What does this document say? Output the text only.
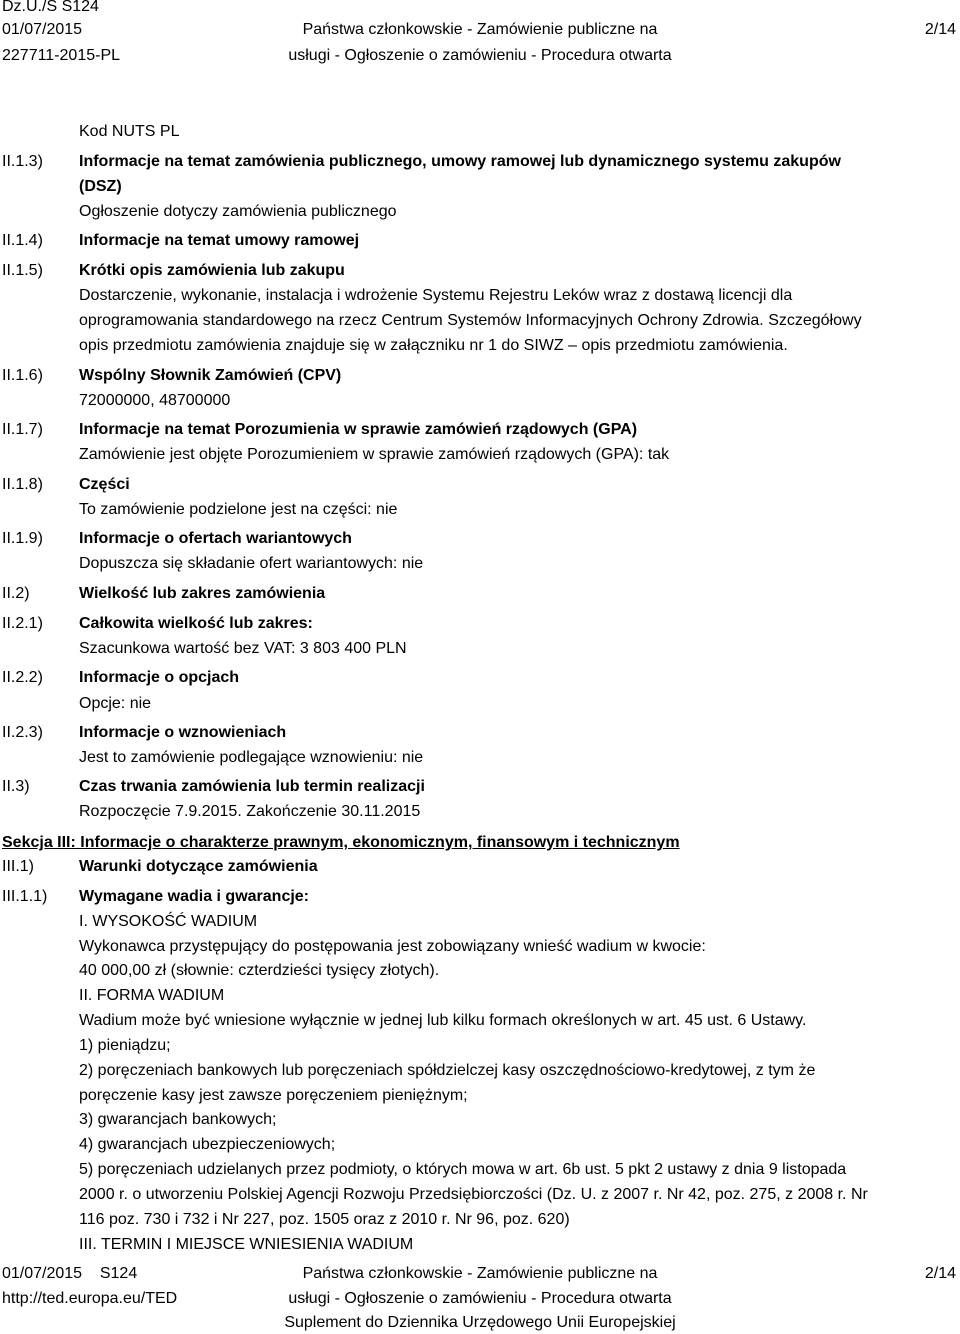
Dz.U./S S124
01/07/2015
227711-2015-PL
Państwa członkowskie - Zamówienie publiczne na
usługi - Ogłoszenie o zamówieniu - Procedura otwarta
2/14
Kod NUTS PL
II.1.3) Informacje na temat zamówienia publicznego, umowy ramowej lub dynamicznego systemu zakupów
(DSZ)
Ogłoszenie dotyczy zamówienia publicznego
II.1.4) Informacje na temat umowy ramowej
II.1.5) Krótki opis zamówienia lub zakupu
Dostarczenie, wykonanie, instalacja i wdrożenie Systemu Rejestru Leków wraz z dostawą licencji dla
oprogramowania standardowego na rzecz Centrum Systemów Informacyjnych Ochrony Zdrowia. Szczegółowy
opis przedmiotu zamówienia znajduje się w załączniku nr 1 do SIWZ – opis przedmiotu zamówienia.
II.1.6) Wspólny Słownik Zamówień (CPV)
72000000, 48700000
II.1.7) Informacje na temat Porozumienia w sprawie zamówień rządowych (GPA)
Zamówienie jest objęte Porozumieniem w sprawie zamówień rządowych (GPA): tak
II.1.8) Części
To zamówienie podzielone jest na części: nie
II.1.9) Informacje o ofertach wariantowych
Dopuszcza się składanie ofert wariantowych: nie
II.2)	Wielkość lub zakres zamówienia
II.2.1) Całkowita wielkość lub zakres:
Szacunkowa wartość bez VAT: 3 803 400 PLN
II.2.2) Informacje o opcjach
Opcje: nie
II.2.3) Informacje o wznowieniach
Jest to zamówienie podlegające wznowieniu: nie
II.3)	Czas trwania zamówienia lub termin realizacji
Rozpoczęcie 7.9.2015. Zakończenie 30.11.2015
Sekcja III: Informacje o charakterze prawnym, ekonomicznym, finansowym i technicznym
III.1)	Warunki dotyczące zamówienia
III.1.1) Wymagane wadia i gwarancje:
I. WYSOKOŚĆ WADIUM
Wykonawca przystępujący do postępowania jest zobowiązany wnieść wadium w kwocie:
40 000,00 zł (słownie: czterdzieści tysięcy złotych).
II. FORMA WADIUM
Wadium może być wniesione wyłącznie w jednej lub kilku formach określonych w art. 45 ust. 6 Ustawy.
1) pieniądzu;
2) poręczeniach bankowych lub poręczeniach spółdzielczej kasy oszczędnościowo-kredytowej, z tym że
poręczenie kasy jest zawsze poręczeniem pieniężnym;
3) gwarancjach bankowych;
4) gwarancjach ubezpieczeniowych;
5) poręczeniach udzielanych przez podmioty, o których mowa w art. 6b ust. 5 pkt 2 ustawy z dnia 9 listopada
2000 r. o utworzeniu Polskiej Agencji Rozwoju Przedsiębiorczości (Dz. U. z 2007 r. Nr 42, poz. 275, z 2008 r. Nr
116 poz. 730 i 732 i Nr 227, poz. 1505 oraz z 2010 r. Nr 96, poz. 620)
III. TERMIN I MIEJSCE WNIESIENIA WADIUM
01/07/2015    S124
http://ted.europa.eu/TED
Państwa członkowskie - Zamówienie publiczne na
usługi - Ogłoszenie o zamówieniu - Procedura otwarta
Suplement do Dziennika Urzędowego Unii Europejskiej
2/14
